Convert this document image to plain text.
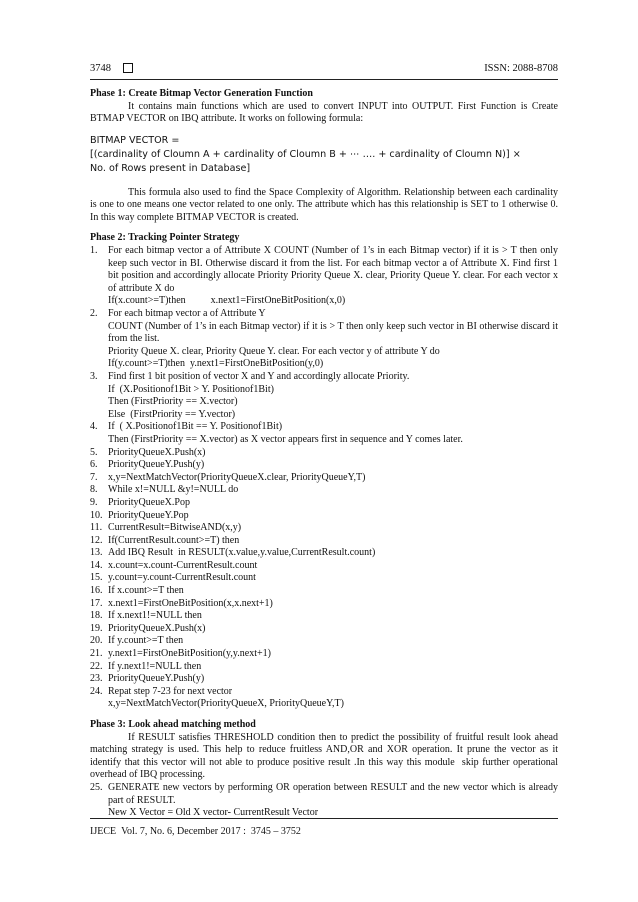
3748	ISSN: 2088-8708

Phase 1: Create Bitmap Vector Generation Function

It contains main functions which are used to convert INPUT into OUTPUT. First Function is Create BTMAP VECTOR on IBQ attribute. It works on following formula:

BITMAP VECTOR =
[(cardinality of Cloumn A + cardinality of Cloumn B + ⋯ …. + cardinality of Cloumn N)] ×
No. of Rows present in Database]

This formula also used to find the Space Complexity of Algorithm. Relationship between each cardinality is one to one means one vector related to one only. The attribute which has this relationship is SET to 1 otherwise 0. In this way complete BITMAP VECTOR is created.

Phase 2: Tracking Pointer Strategy

1.	For each bitmap vector a of Attribute X COUNT (Number of 1’s in each Bitmap vector) if it is > T then only keep such vector in BI. Otherwise discard it from the list. For each bitmap vector a of Attribute X. Find first 1 bit position and accordingly allocate Priority Priority Queue X. clear, Priority Queue Y. clear. For each vector x of attribute X do
If(x.count>=T)then          x.next1=FirstOneBitPosition(x,0)
2.	For each bitmap vector a of Attribute Y
COUNT (Number of 1’s in each Bitmap vector) if it is > T then only keep such vector in BI otherwise discard it from the list.
Priority Queue X. clear, Priority Queue Y. clear. For each vector y of attribute Y do
If(y.count>=T)then  y.next1=FirstOneBitPosition(y,0)
3.	Find first 1 bit position of vector X and Y and accordingly allocate Priority.
If  (X.Positionof1Bit > Y. Positionof1Bit)
Then (FirstPriority == X.vector)
Else  (FirstPriority == Y.vector)
4.	If  ( X.Positionof1Bit == Y. Positionof1Bit)
Then (FirstPriority == X.vector) as X vector appears first in sequence and Y comes later.
5.	PriorityQueueX.Push(x)
6.	PriorityQueueY.Push(y)
7.	x,y=NextMatchVector(PriorityQueueX.clear, PriorityQueueY,T)
8.	While x!=NULL &y!=NULL do
9.	PriorityQueueX.Pop
10. PriorityQueueY.Pop
11. CurrentResult=BitwiseAND(x,y)
12. If(CurrentResult.count>=T) then
13. Add IBQ Result  in RESULT(x.value,y.value,CurrentResult.count)
14. x.count=x.count-CurrentResult.count
15. y.count=y.count-CurrentResult.count
16. If x.count>=T then
17. x.next1=FirstOneBitPosition(x,x.next+1)
18. If x.next1!=NULL then
19. PriorityQueueX.Push(x)
20. If y.count>=T then
21. y.next1=FirstOneBitPosition(y,y.next+1)
22. If y.next1!=NULL then
23. PriorityQueueY.Push(y)
24. Repat step 7-23 for next vector
x,y=NextMatchVector(PriorityQueueX, PriorityQueueY,T)

Phase 3: Look ahead matching method

If RESULT satisfies THRESHOLD condition then to predict the possibility of fruitful result look ahead matching strategy is used. This help to reduce fruitless AND,OR and XOR operation. It prune the vector as it identify that this vector will not able to produce positive result .In this way this module  skip further operational overhead of IBQ processing.

25. GENERATE new vectors by performing OR operation between RESULT and the new vector which is already part of RESULT.
New X Vector = Old X vector- CurrentResult Vector
IJECE  Vol. 7, No. 6, December 2017 :  3745 – 3752
